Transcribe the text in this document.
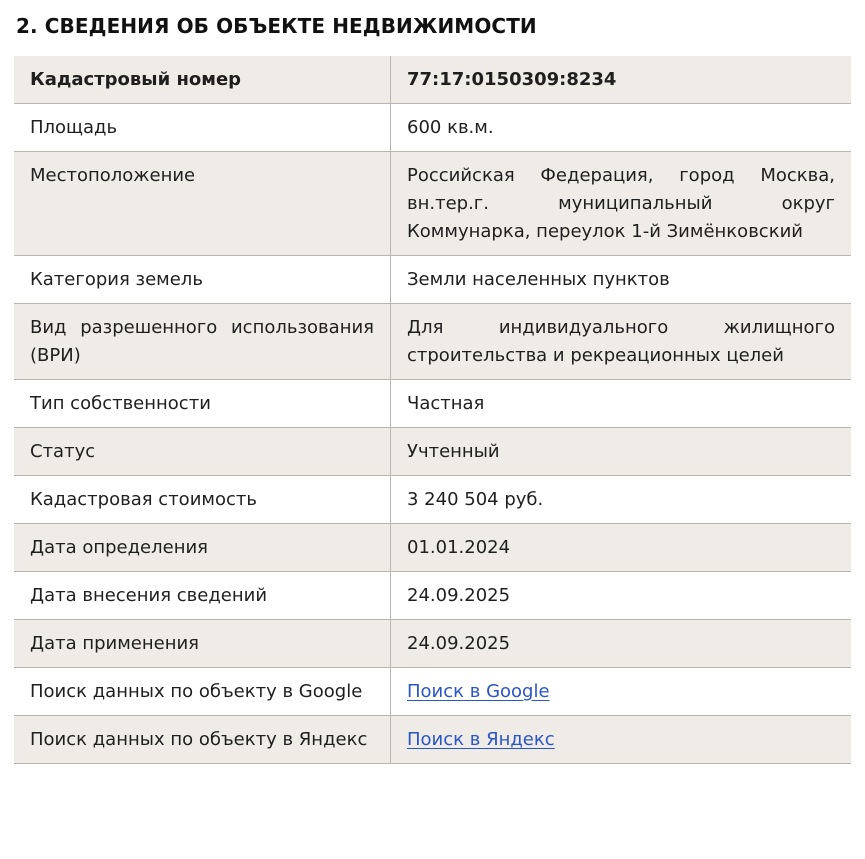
2. СВЕДЕНИЯ ОБ ОБЪЕКТЕ НЕДВИЖИМОСТИ
Кадастровый номер	77:17:0150309:8234
Площадь	600 кв.м.
Местоположение	Российская Федерация, город Москва, вн.тер.г. муниципальный округ Коммунарка, переулок 1-й Зимёнковский
Категория земель	Земли населенных пунктов
Вид разрешенного использования (ВРИ)	Для индивидуального жилищного строительства и рекреационных целей
Тип собственности	Частная
Статус	Учтенный
Кадастровая стоимость	3 240 504 руб.
Дата определения	01.01.2024
Дата внесения сведений	24.09.2025
Дата применения	24.09.2025
Поиск данных по объекту в Google	Поиск в Google
Поиск данных по объекту в Яндекс	Поиск в Яндекс
